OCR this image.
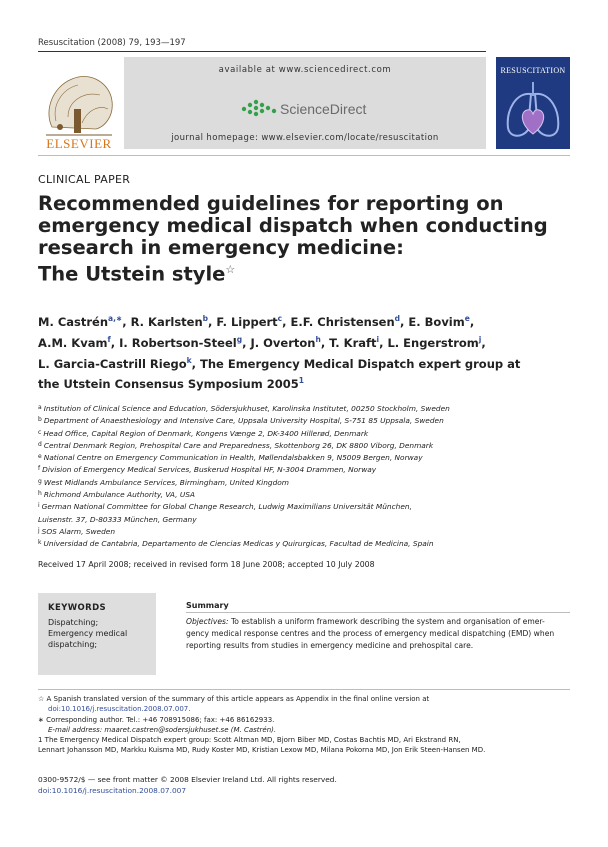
Resuscitation (2008) 79, 193—197
ELSEVIER
available at www.sciencedirect.com
ScienceDirect
journal homepage: www.elsevier.com/locate/resuscitation
RESUSCITATION
CLINICAL PAPER
Recommended guidelines for reporting on
emergency medical dispatch when conducting
research in emergency medicine:
The Utstein style☆
M. Castrén$^{a,∗}$, R. Karlsten$^b$, F. Lippert$^c$, E.F. Christensen$^d$, E. Bovim$^e$,
A.M. Kvam$^f$, I. Robertson-Steel$^g$, J. Overton$^h$, T. Kraft$^i$, L. Engerstrom$^j$,
L. Garcia-Castrill Riego$^k$, The Emergency Medical Dispatch expert group at
the Utstein Consensus Symposium 2005$^1$
$^a$ Institution of Clinical Science and Education, Södersjukhuset, Karolinska Institutet, 00250 Stockholm, Sweden
$^b$ Department of Anaesthesiology and Intensive Care, Uppsala University Hospital, S-751 85 Uppsala, Sweden
$^c$ Head Office, Capital Region of Denmark, Kongens Vænge 2, DK-3400 Hillerød, Denmark
$^d$ Central Denmark Region, Prehospital Care and Preparedness, Skottenborg 26, DK 8800 Viborg, Denmark
$^e$ National Centre on Emergency Communication in Health, Møllendalsbakken 9, N5009 Bergen, Norway
$^f$ Division of Emergency Medical Services, Buskerud Hospital HF, N-3004 Drammen, Norway
$^g$ West Midlands Ambulance Services, Birmingham, United Kingdom
$^h$ Richmond Ambulance Authority, VA, USA
$^i$ German National Committee for Global Change Research, Ludwig Maximilians Universität München,
Luisenstr. 37, D-80333 München, Germany
$^j$ SOS Alarm, Sweden
$^k$ Universidad de Cantabria, Departamento de Ciencias Medicas y Quirurgicas, Facultad de Medicina, Spain
Received 17 April 2008; received in revised form 18 June 2008; accepted 10 July 2008
KEYWORDS
Dispatching;
Emergency medical
dispatching;
Summary
Objectives: To establish a uniform framework describing the system and organisation of emer-
gency medical response centres and the process of emergency medical dispatching (EMD) when
reporting results from studies in emergency medicine and prehospital care.
☆ A Spanish translated version of the summary of this article appears as Appendix in the final online version at
doi:10.1016/j.resuscitation.2008.07.007.
∗ Corresponding author. Tel.: +46 708915086; fax: +46 86162933.
E-mail address: maaret.castren@sodersjukhuset.se (M. Castrén).
1 The Emergency Medical Dispatch expert group: Scott Altman MD, Bjorn Biber MD, Costas Bachtis MD, Ari Ekstrand RN,
Lennart Johansson MD, Markku Kuisma MD, Rudy Koster MD, Kristian Lexow MD, Milana Pokorna MD, Jon Erik Steen-Hansen MD.
0300-9572/$ — see front matter © 2008 Elsevier Ireland Ltd. All rights reserved.
doi:10.1016/j.resuscitation.2008.07.007
